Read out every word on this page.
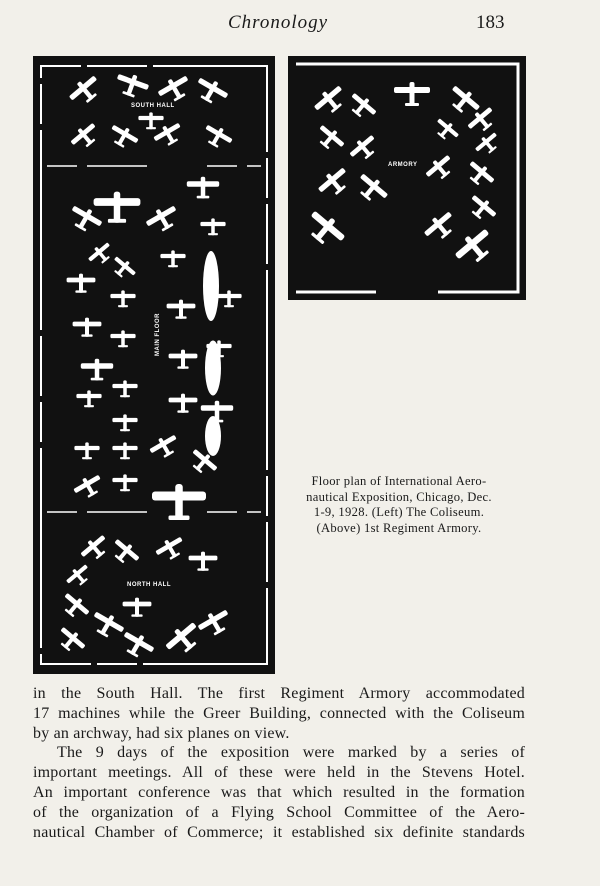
Chronology	183
SOUTH HALL
MAIN FLOOR
NORTH HALL
ARMORY
Floor plan of International Aero-
nautical Exposition, Chicago, Dec.
1-9, 1928. (Left) The Coliseum.
(Above) 1st Regiment Armory.
in the South Hall. The first Regiment Armory accommodated
17 machines while the Greer Building, connected with the Coliseum
by an archway, had six planes on view.
The 9 days of the exposition were marked by a series of
important meetings. All of these were held in the Stevens Hotel.
An important conference was that which resulted in the formation
of the organization of a Flying School Committee of the Aero-
nautical Chamber of Commerce; it established six definite standards
